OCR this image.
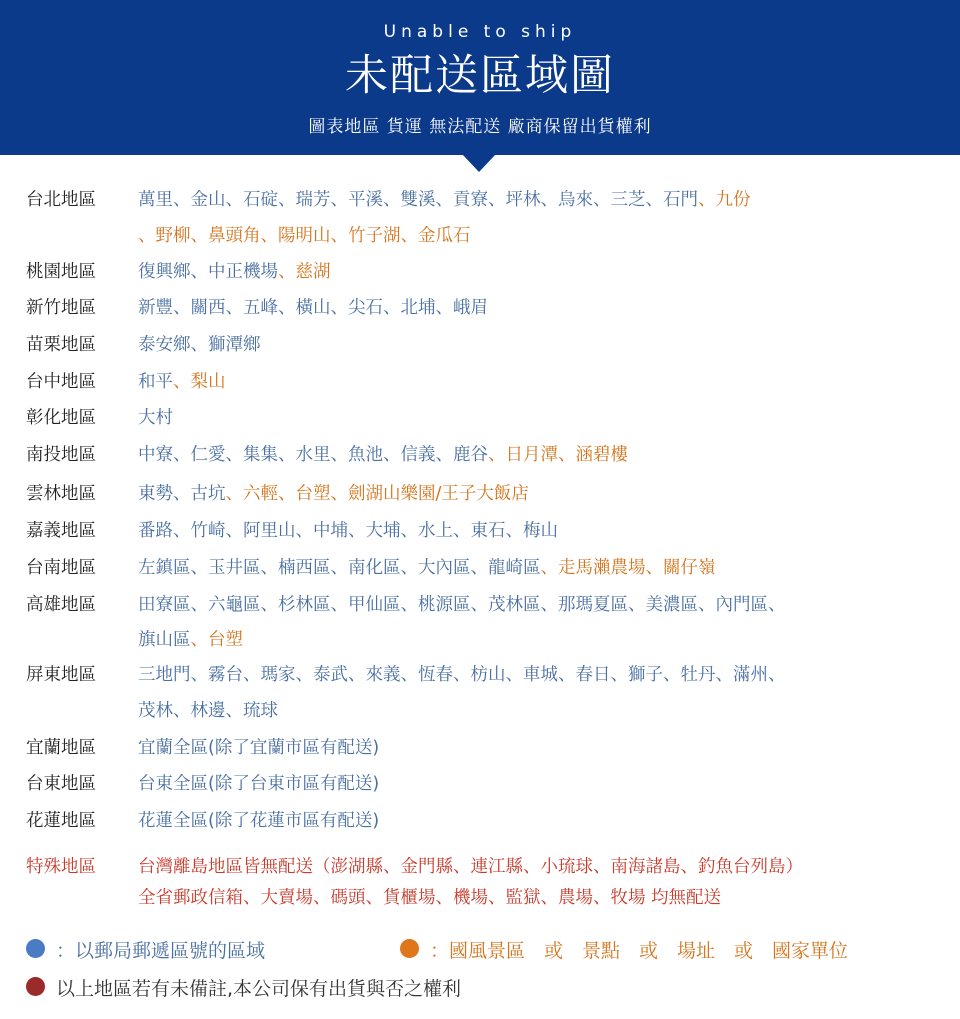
Unable to ship
未配送區域圖
圖表地區 貨運 無法配送 廠商保留出貨權利
台北地區 萬里、金山、石碇、瑞芳、平溪、雙溪、貢寮、坪林、烏來、三芝、石門、九份
、野柳、鼻頭角、陽明山、竹子湖、金瓜石
桃園地區 復興鄉、中正機場、慈湖
新竹地區 新豐、關西、五峰、橫山、尖石、北埔、峨眉
苗栗地區 泰安鄉、獅潭鄉
台中地區 和平、梨山
彰化地區 大村
南投地區 中寮、仁愛、集集、水里、魚池、信義、鹿谷、日月潭、涵碧樓
雲林地區 東勢、古坑、六輕、台塑、劍湖山樂園/王子大飯店
嘉義地區 番路、竹崎、阿里山、中埔、大埔、水上、東石、梅山
台南地區 左鎮區、玉井區、楠西區、南化區、大內區、龍崎區、走馬瀨農場、關仔嶺
高雄地區 田寮區、六龜區、杉林區、甲仙區、桃源區、茂林區、那瑪夏區、美濃區、內門區、
旗山區、台塑
屏東地區 三地門、霧台、瑪家、泰武、來義、恆春、枋山、車城、春日、獅子、牡丹、滿州、
茂林、林邊、琉球
宜蘭地區 宜蘭全區(除了宜蘭市區有配送)
台東地區 台東全區(除了台東市區有配送)
花蓮地區 花蓮全區(除了花蓮市區有配送)
特殊地區 台灣離島地區皆無配送（澎湖縣、金門縣、連江縣、小琉球、南海諸島、釣魚台列島）
全省郵政信箱、大賣場、碼頭、貨櫃場、機場、監獄、農場、牧場 均無配送
：以郵局郵遞區號的區域	：國風景區　或　景點　或　場址　或　國家單位
以上地區若有未備註,本公司保有出貨與否之權利
